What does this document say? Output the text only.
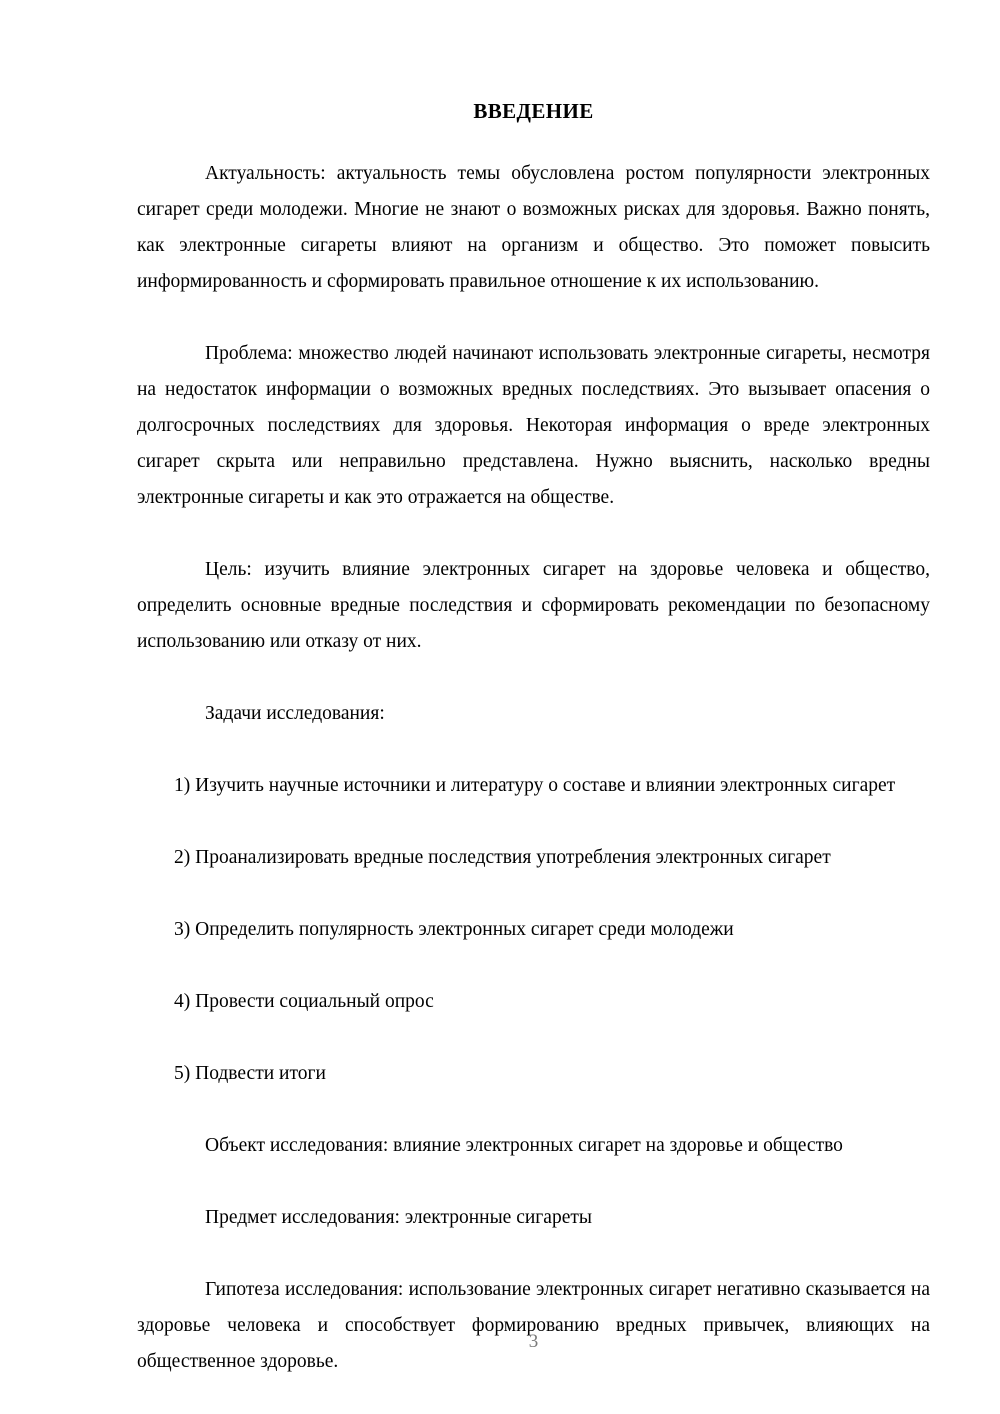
ВВЕДЕНИЕ

Актуальность: актуальность темы обусловлена ростом популярности электронных сигарет среди молодежи. Многие не знают о возможных рисках для здоровья. Важно понять, как электронные сигареты влияют на организм и общество. Это поможет повысить информированность и сформировать правильное отношение к их использованию.

Проблема: множество людей начинают использовать электронные сигареты, несмотря на недостаток информации о возможных вредных последствиях. Это вызывает опасения о долгосрочных последствиях для здоровья. Некоторая информация о вреде электронных сигарет скрыта или неправильно представлена. Нужно выяснить, насколько вредны электронные сигареты и как это отражается на обществе.

Цель: изучить влияние электронных сигарет на здоровье человека и общество, определить основные вредные последствия и сформировать рекомендации по безопасному использованию или отказу от них.

Задачи исследования:

1) Изучить научные источники и литературу о составе и влиянии электронных сигарет

2) Проанализировать вредные последствия употребления электронных сигарет

3) Определить популярность электронных сигарет среди молодежи

4) Провести социальный опрос

5) Подвести итоги

Объект исследования: влияние электронных сигарет на здоровье и общество

Предмет исследования: электронные сигареты

Гипотеза исследования: использование электронных сигарет негативно сказывается на здоровье человека и способствует формированию вредных привычек, влияющих на общественное здоровье.

3
